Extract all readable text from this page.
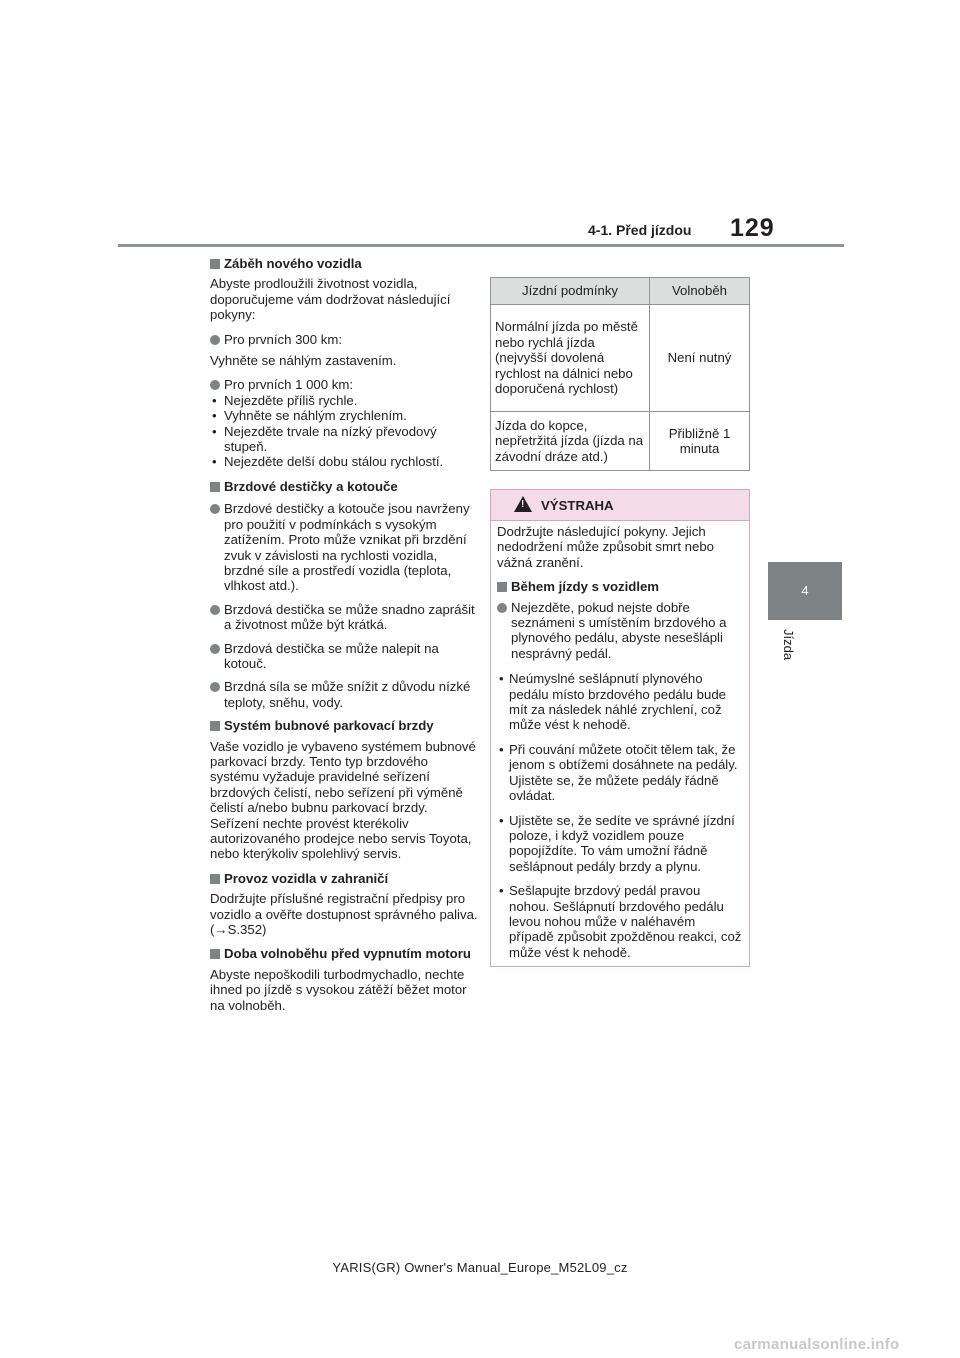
4-1. Před jízdou 129
4
Jízda
Záběh nového vozidla
Abyste prodloužili životnost vozidla, doporučujeme vám dodržovat následující pokyny:
Pro prvních 300 km:
Vyhněte se náhlým zastavením.
Pro prvních 1 000 km:
• Nejezděte příliš rychle.
• Vyhněte se náhlým zrychlením.
• Nejezděte trvale na nízký převodový stupeň.
• Nejezděte delší dobu stálou rychlostí.
Brzdové destičky a kotouče
Brzdové destičky a kotouče jsou navrženy pro použití v podmínkách s vysokým zatížením. Proto může vznikat při brzdění zvuk v závislosti na rychlosti vozidla, brzdné síle a prostředí vozidla (teplota, vlhkost atd.).
Brzdová destička se může snadno zaprášit a životnost může být krátká.
Brzdová destička se může nalepit na kotouč.
Brzdná síla se může snížit z důvodu nízké teploty, sněhu, vody.
Systém bubnové parkovací brzdy
Vaše vozidlo je vybaveno systémem bubnové parkovací brzdy. Tento typ brzdového systému vyžaduje pravidelné seřízení brzdových čelistí, nebo seřízení při výměně čelistí a/nebo bubnu parkovací brzdy. Seřízení nechte provést kterékoliv autorizovaného prodejce nebo servis Toyota, nebo kterýkoliv spolehlivý servis.
Provoz vozidla v zahraničí
Dodržujte příslušné registrační předpisy pro vozidlo a ověřte dostupnost správného paliva. (→S.352)
Doba volnoběhu před vypnutím motoru
Abyste nepoškodili turbodmychadlo, nechte ihned po jízdě s vysokou zátěží běžet motor na volnoběh.
Jízdní podmínky	Volnoběh
Normální jízda po městě nebo rychlá jízda (nejvyšší dovolená rychlost na dálnici nebo doporučená rychlost)	Není nutný
Jízda do kopce, nepřetržitá jízda (jízda na závodní dráze atd.)	Přibližně 1 minuta
! VÝSTRAHA
Dodržujte následující pokyny. Jejich nedodržení může způsobit smrt nebo vážná zranění.
Během jízdy s vozidlem
Nejezděte, pokud nejste dobře seznámeni s umístěním brzdového a plynového pedálu, abyste nesešlápli nesprávný pedál.
• Neúmyslné sešlápnutí plynového pedálu místo brzdového pedálu bude mít za následek náhlé zrychlení, což může vést k nehodě.
• Při couvání můžete otočit tělem tak, že jenom s obtížemi dosáhnete na pedály. Ujistěte se, že můžete pedály řádně ovládat.
• Ujistěte se, že sedíte ve správné jízdní poloze, i když vozidlem pouze popojíždíte. To vám umožní řádně sešlápnout pedály brzdy a plynu.
• Sešlapujte brzdový pedál pravou nohou. Sešlápnutí brzdového pedálu levou nohou může v naléhavém případě způsobit zpožděnou reakci, což může vést k nehodě.
YARIS(GR) Owner's Manual_Europe_M52L09_cz
carmanualsonline.info
